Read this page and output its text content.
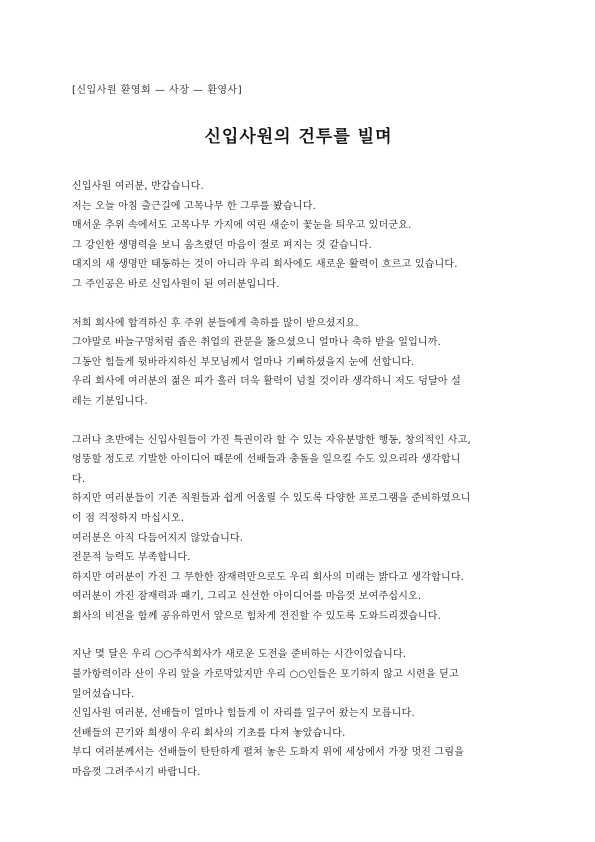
[신입사원 환영회 — 사장 — 환영사]
신입사원의 건투를 빌며
신입사원 여러분, 반갑습니다.
저는 오늘 아침 출근길에 고목나무 한 그루를 봤습니다.
매서운 추위 속에서도 고목나무 가지에 여린 새순이 꽃눈을 틔우고 있더군요.
그 강인한 생명력을 보니 움츠렸던 마음이 절로 펴지는 것 같습니다.
대지의 새 생명만 태동하는 것이 아니라 우리 회사에도 새로운 활력이 흐르고 있습니다.
그 주인공은 바로 신입사원이 된 여러분입니다.
저희 회사에 합격하신 후 주위 분들에게 축하를 많이 받으셨지요.
그야말로 바늘구멍처럼 좁은 취업의 관문을 뚫으셨으니 얼마나 축하 받을 일입니까.
그동안 힘들게 뒷바라지하신 부모님께서 얼마나 기뻐하셨을지 눈에 선합니다.
우리 회사에 여러분의 젊은 피가 흘러 더욱 활력이 넘칠 것이라 생각하니 저도 덩달아 설
레는 기분입니다.
그러나 초반에는 신입사원들이 가진 특권이라 할 수 있는 자유분방한 행동, 창의적인 사고,
엉뚱할 정도로 기발한 아이디어 때문에 선배들과 충돌을 일으킬 수도 있으리라 생각합니
다.
하지만 여러분들이 기존 직원들과 쉽게 어울릴 수 있도록 다양한 프로그램을 준비하였으니
이 점 걱정하지 마십시오.
여러분은 아직 다듬어지지 않았습니다.
전문적 능력도 부족합니다.
하지만 여러분이 가진 그 무한한 잠재력만으로도 우리 회사의 미래는 밝다고 생각합니다.
여러분이 가진 잠재력과 패기, 그리고 신선한 아이디어를 마음껏 보여주십시오.
회사의 비전을 함께 공유하면서 앞으로 힘차게 전진할 수 있도록 도와드리겠습니다.
지난 몇 달은 우리 ○○주식회사가 새로운 도전을 준비하는 시간이었습니다.
불가항력이라 산이 우리 앞을 가로막았지만 우리 ○○인들은 포기하지 않고 시련을 딛고
일어섰습니다.
신입사원 여러분, 선배들이 얼마나 힘들게 이 자리를 일구어 왔는지 모릅니다.
선배들의 끈기와 희생이 우리 회사의 기초를 다져 놓았습니다.
부디 여러분께서는 선배들이 탄탄하게 펼쳐 놓은 도화지 위에 세상에서 가장 멋진 그림을
마음껏 그려주시기 바랍니다.
